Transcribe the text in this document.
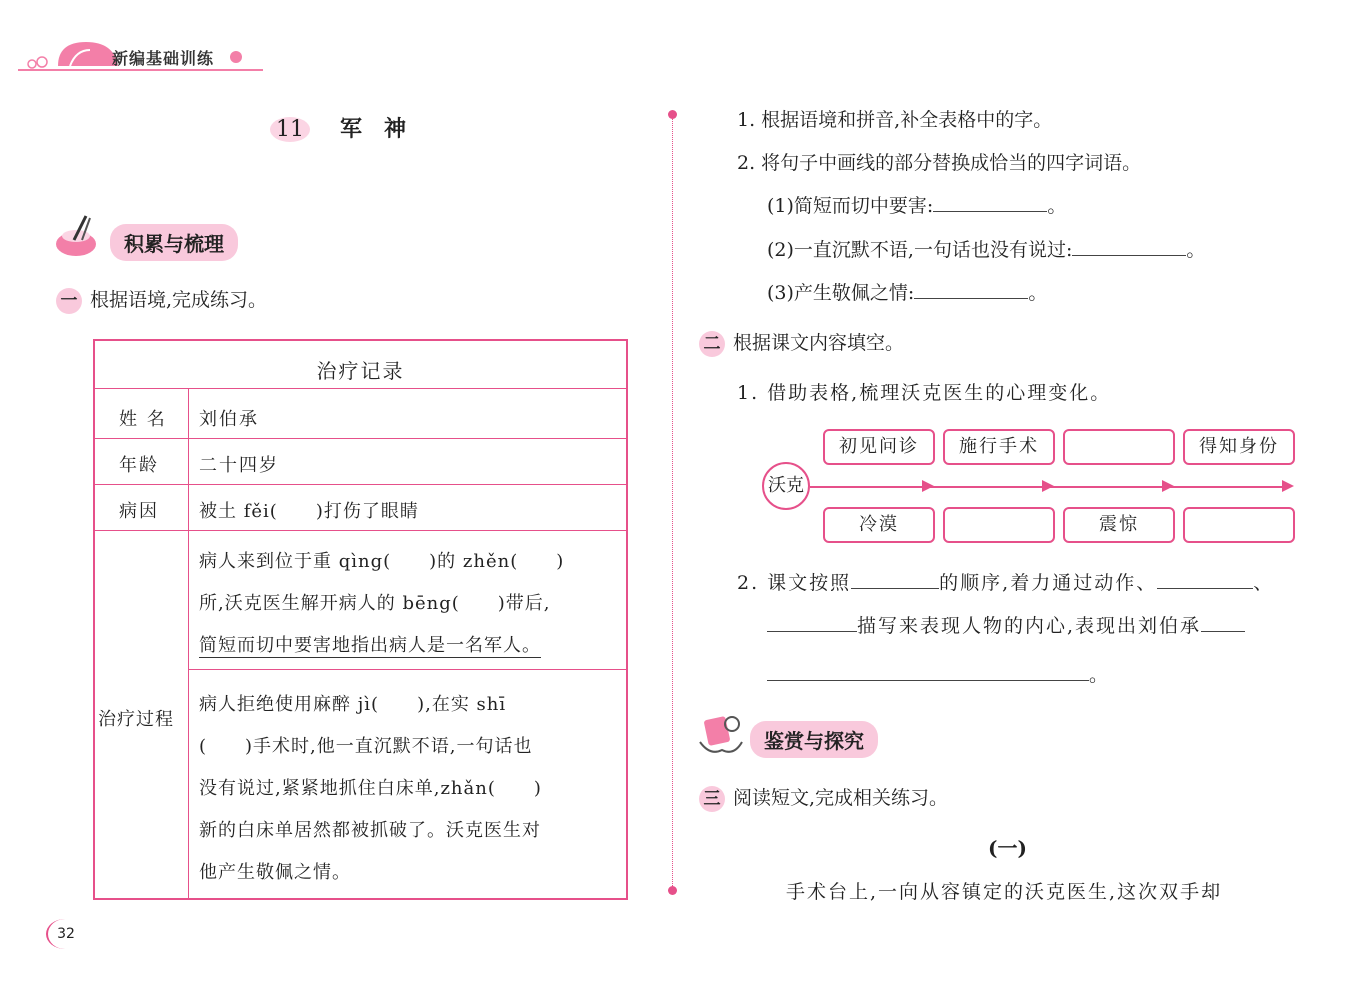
新编基础训练
11 军　神
积累与梳理
一 根据语境,完成练习。
治疗记录
姓 名 刘伯承
年龄 二十四岁
病因 被土 fěi(　　)打伤了眼睛
治疗过程
病人来到位于重 qìng(　　)的 zhěn(　　)
所,沃克医生解开病人的 bēng(　　)带后,
简短而切中要害地指出病人是一名军人。
病人拒绝使用麻醉 jì(　　),在实 shī
(　　)手术时,他一直沉默不语,一句话也
没有说过,紧紧地抓住白床单,zhǎn(　　)
新的白床单居然都被抓破了。沃克医生对
他产生敬佩之情。
1. 根据语境和拼音,补全表格中的字。
2. 将句子中画线的部分替换成恰当的四字词语。
(1)简短而切中要害:	。
(2)一直沉默不语,一句话也没有说过:	。
(3)产生敬佩之情:	。
二 根据课文内容填空。
1. 借助表格,梳理沃克医生的心理变化。
沃克
初见问诊	施行手术	得知身份
冷漠	震惊
2. 课文按照	的顺序,着力通过动作、	、
描写来表现人物的内心,表现出刘伯承
。
鉴赏与探究
三 阅读短文,完成相关练习。
(一)
手术台上,一向从容镇定的沃克医生,这次双手却
32
